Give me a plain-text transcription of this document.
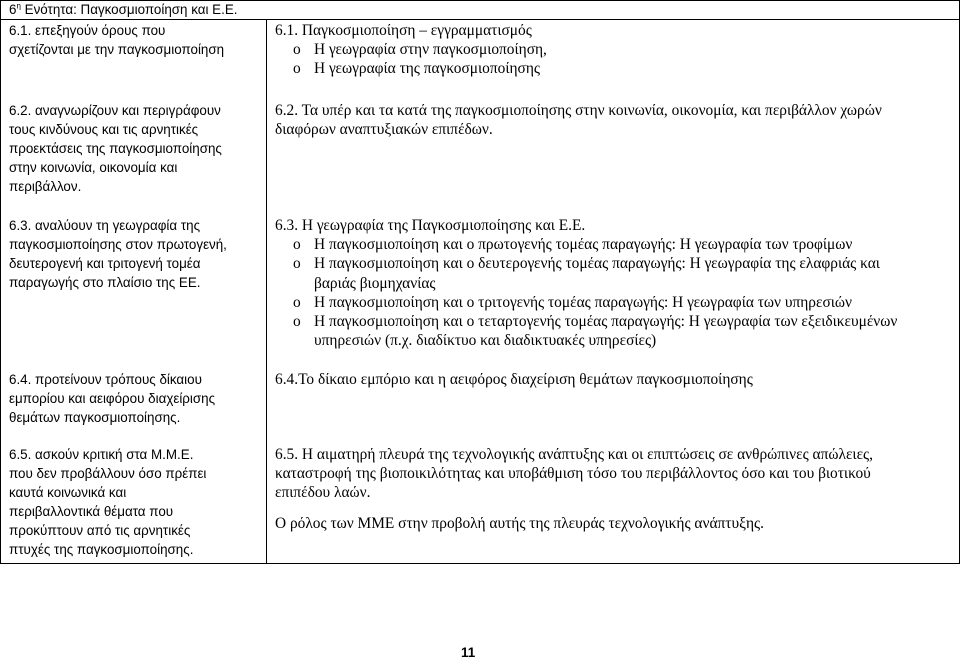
$6^\eta$ Ενότητα: Παγκοσμιοποίηση και Ε.Ε.

6.1. επεξηγούν όρους που

σχετίζονται με την παγκοσμιοποίηση

6.1. Παγκοσμιοποίηση – εγγραμματισμός

o Η γεωγραφία στην παγκοσμιοποίηση,

o Η γεωγραφία της παγκοσμιοποίησης

6.2. αναγνωρίζουν και περιγράφουν

τους κινδύνους και τις αρνητικές

προεκτάσεις της παγκοσμιοποίησης

στην κοινωνία, οικονομία και

περιβάλλον.

6.2. Τα υπέρ και τα κατά της παγκοσμιοποίησης στην κοινωνία, οικονομία, και περιβάλλον χωρών

διαφόρων αναπτυξιακών επιπέδων.

6.3. αναλύουν τη γεωγραφία της

παγκοσμιοποίησης στον πρωτογενή,

δευτερογενή και τριτογενή τομέα

παραγωγής στο πλαίσιο της ΕΕ.

6.3. Η γεωγραφία της Παγκοσμιοποίησης και Ε.Ε.

o Η παγκοσμιοποίηση και ο πρωτογενής τομέας παραγωγής: Η γεωγραφία των τροφίμων

o Η παγκοσμιοποίηση και ο δευτερογενής τομέας παραγωγής: Η γεωγραφία της ελαφριάς και

βαριάς βιομηχανίας

o Η παγκοσμιοποίηση και ο τριτογενής τομέας παραγωγής: Η γεωγραφία των υπηρεσιών

o Η παγκοσμιοποίηση και ο τεταρτογενής τομέας παραγωγής: Η γεωγραφία των εξειδικευμένων

υπηρεσιών (π.χ. διαδίκτυο και διαδικτυακές υπηρεσίες)

6.4. προτείνουν τρόπους δίκαιου

εμπορίου και αειφόρου διαχείρισης

θεμάτων παγκοσμιοποίησης.

6.4.Το δίκαιο εμπόριο και η αειφόρος διαχείριση θεμάτων παγκοσμιοποίησης

6.5. ασκούν κριτική στα Μ.Μ.Ε.

που δεν προβάλλουν όσο πρέπει

καυτά κοινωνικά και

περιβαλλοντικά θέματα που

προκύπτουν από τις αρνητικές

πτυχές της παγκοσμιοποίησης.

6.5. Η αιματηρή πλευρά της τεχνολογικής ανάπτυξης και οι επιπτώσεις σε ανθρώπινες απώλειες,

καταστροφή της βιοποικιλότητας και υποβάθμιση τόσο του περιβάλλοντος όσο και του βιοτικού

επιπέδου λαών.

Ο ρόλος των ΜΜΕ στην προβολή αυτής της πλευράς τεχνολογικής ανάπτυξης.

11
